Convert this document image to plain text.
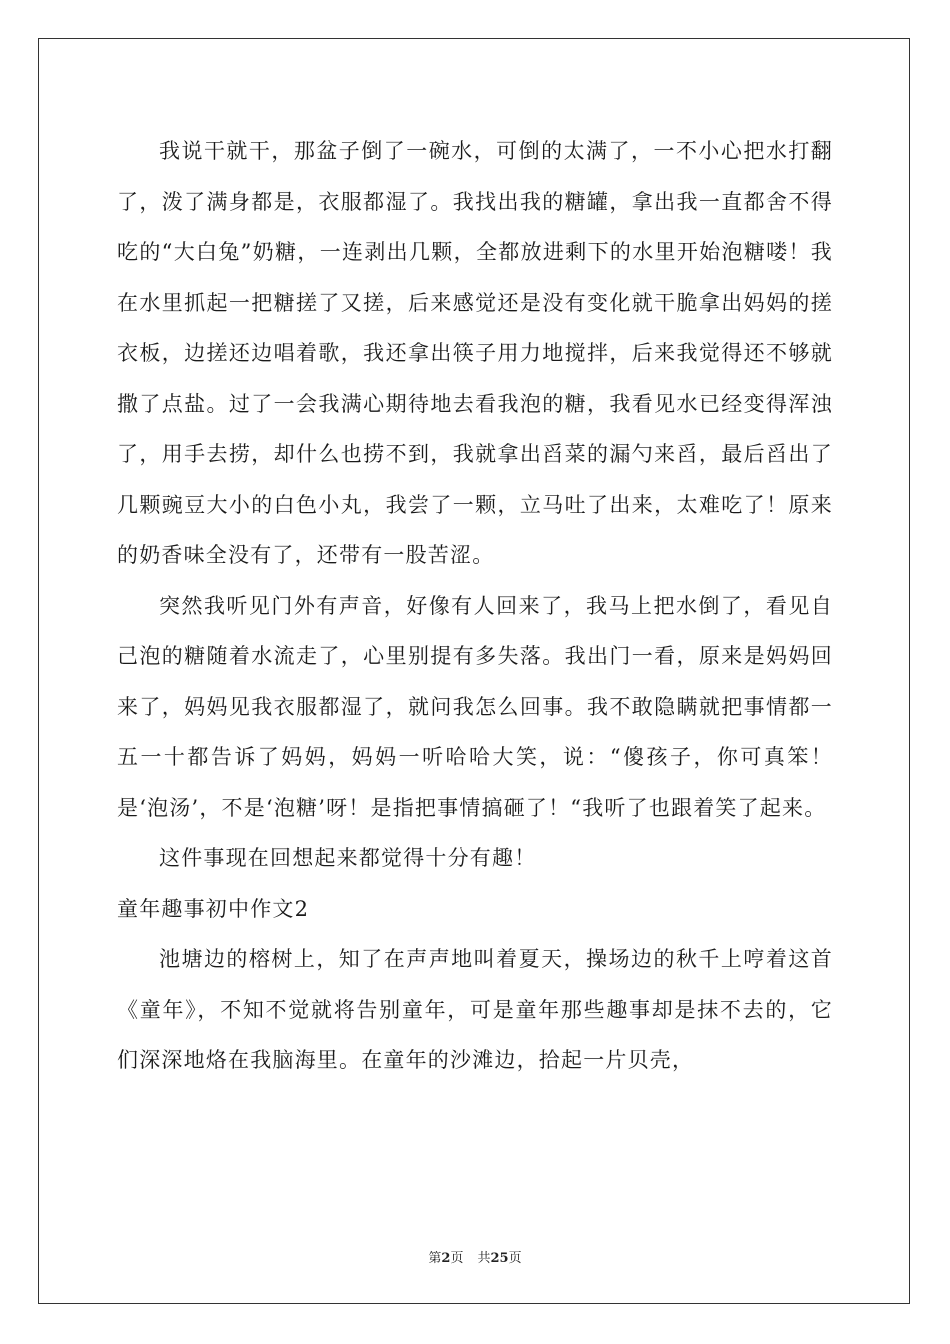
我说干就干，那盆子倒了一碗水，可倒的太满了，一不小心把水打翻了，泼了满身都是，衣服都湿了。我找出我的糖罐，拿出我一直都舍不得吃的“大白兔”奶糖，一连剥出几颗，全都放进剩下的水里开始泡糖喽！我在水里抓起一把糖搓了又搓，后来感觉还是没有变化就干脆拿出妈妈的搓衣板，边搓还边唱着歌，我还拿出筷子用力地搅拌，后来我觉得还不够就撒了点盐。过了一会我满心期待地去看我泡的糖，我看见水已经变得浑浊了，用手去捞，却什么也捞不到，我就拿出舀菜的漏勺来舀，最后舀出了几颗豌豆大小的白色小丸，我尝了一颗，立马吐了出来，太难吃了！原来的奶香味全没有了，还带有一股苦涩。

突然我听见门外有声音，好像有人回来了，我马上把水倒了，看见自己泡的糖随着水流走了，心里别提有多失落。我出门一看，原来是妈妈回来了，妈妈见我衣服都湿了，就问我怎么回事。我不敢隐瞒就把事情都一五一十都告诉了妈妈，妈妈一听哈哈大笑，说：“傻孩子，你可真笨！是‘泡汤’，不是‘泡糖’呀！是指把事情搞砸了！“我听了也跟着笑了起来。

这件事现在回想起来都觉得十分有趣！

童年趣事初中作文2

池塘边的榕树上，知了在声声地叫着夏天，操场边的秋千上哼着这首《童年》，不知不觉就将告别童年，可是童年那些趣事却是抹不去的，它们深深地烙在我脑海里。在童年的沙滩边，拾起一片贝壳，

第2页 共25页
